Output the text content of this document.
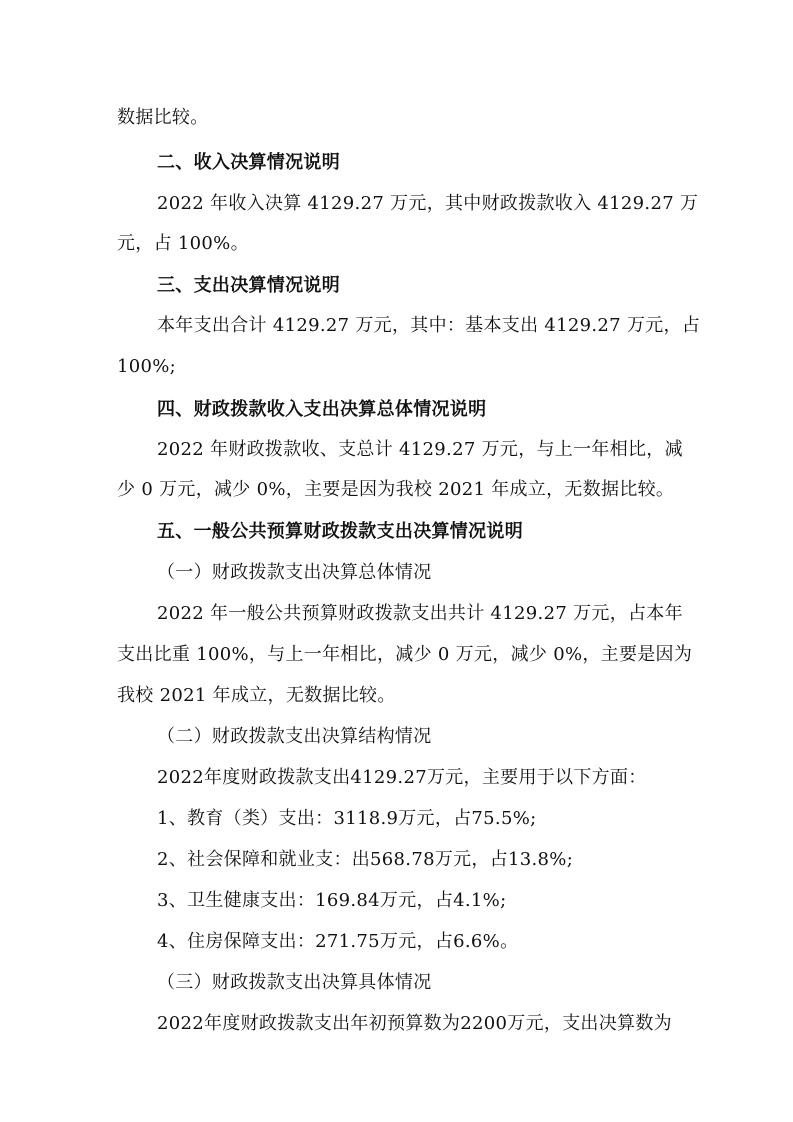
数据比较。
二、收入决算情况说明
2022 年收入决算 4129.27 万元，其中财政拨款收入 4129.27 万
元，占 100%。
三、支出决算情况说明
本年支出合计 4129.27 万元，其中：基本支出 4129.27 万元，占
100%;
四、财政拨款收入支出决算总体情况说明
2022 年财政拨款收、支总计 4129.27 万元，与上一年相比，减
少 0 万元，减少 0%，主要是因为我校 2021 年成立，无数据比较。
五、一般公共预算财政拨款支出决算情况说明
（一）财政拨款支出决算总体情况
2022 年一般公共预算财政拨款支出共计 4129.27 万元，占本年
支出比重 100%，与上一年相比，减少 0 万元，减少 0%，主要是因为
我校 2021 年成立，无数据比较。
（二）财政拨款支出决算结构情况
2022年度财政拨款支出4129.27万元，主要用于以下方面：
1、教育（类）支出：3118.9万元，占75.5%;
2、社会保障和就业支：出568.78万元，占13.8%;
3、卫生健康支出：169.84万元，占4.1%;
4、住房保障支出：271.75万元，占6.6%。
（三）财政拨款支出决算具体情况
2022年度财政拨款支出年初预算数为2200万元，支出决算数为
